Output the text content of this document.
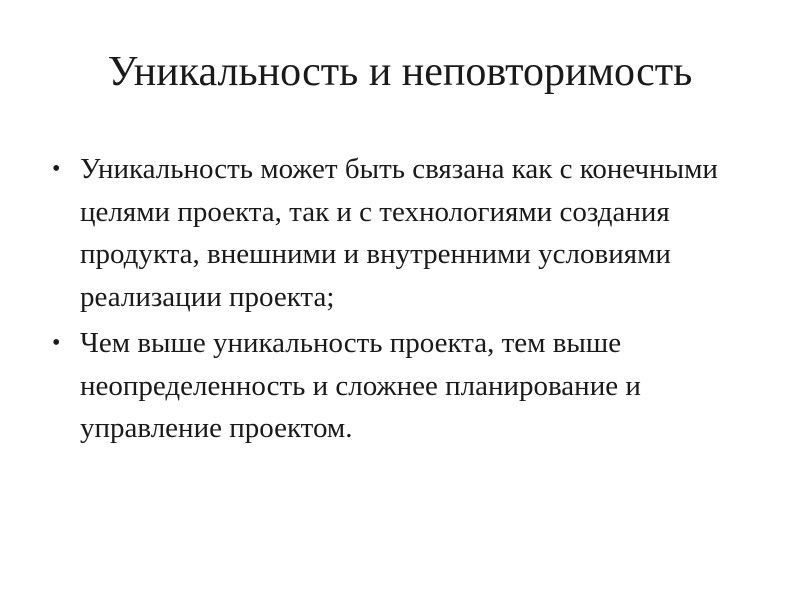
Уникальность и неповторимость
• Уникальность может быть связана как с конечными целями проекта, так и с технологиями создания продукта, внешними и внутренними условиями реализации проекта;
• Чем выше уникальность проекта, тем выше неопределенность и сложнее планирование и управление проектом.
